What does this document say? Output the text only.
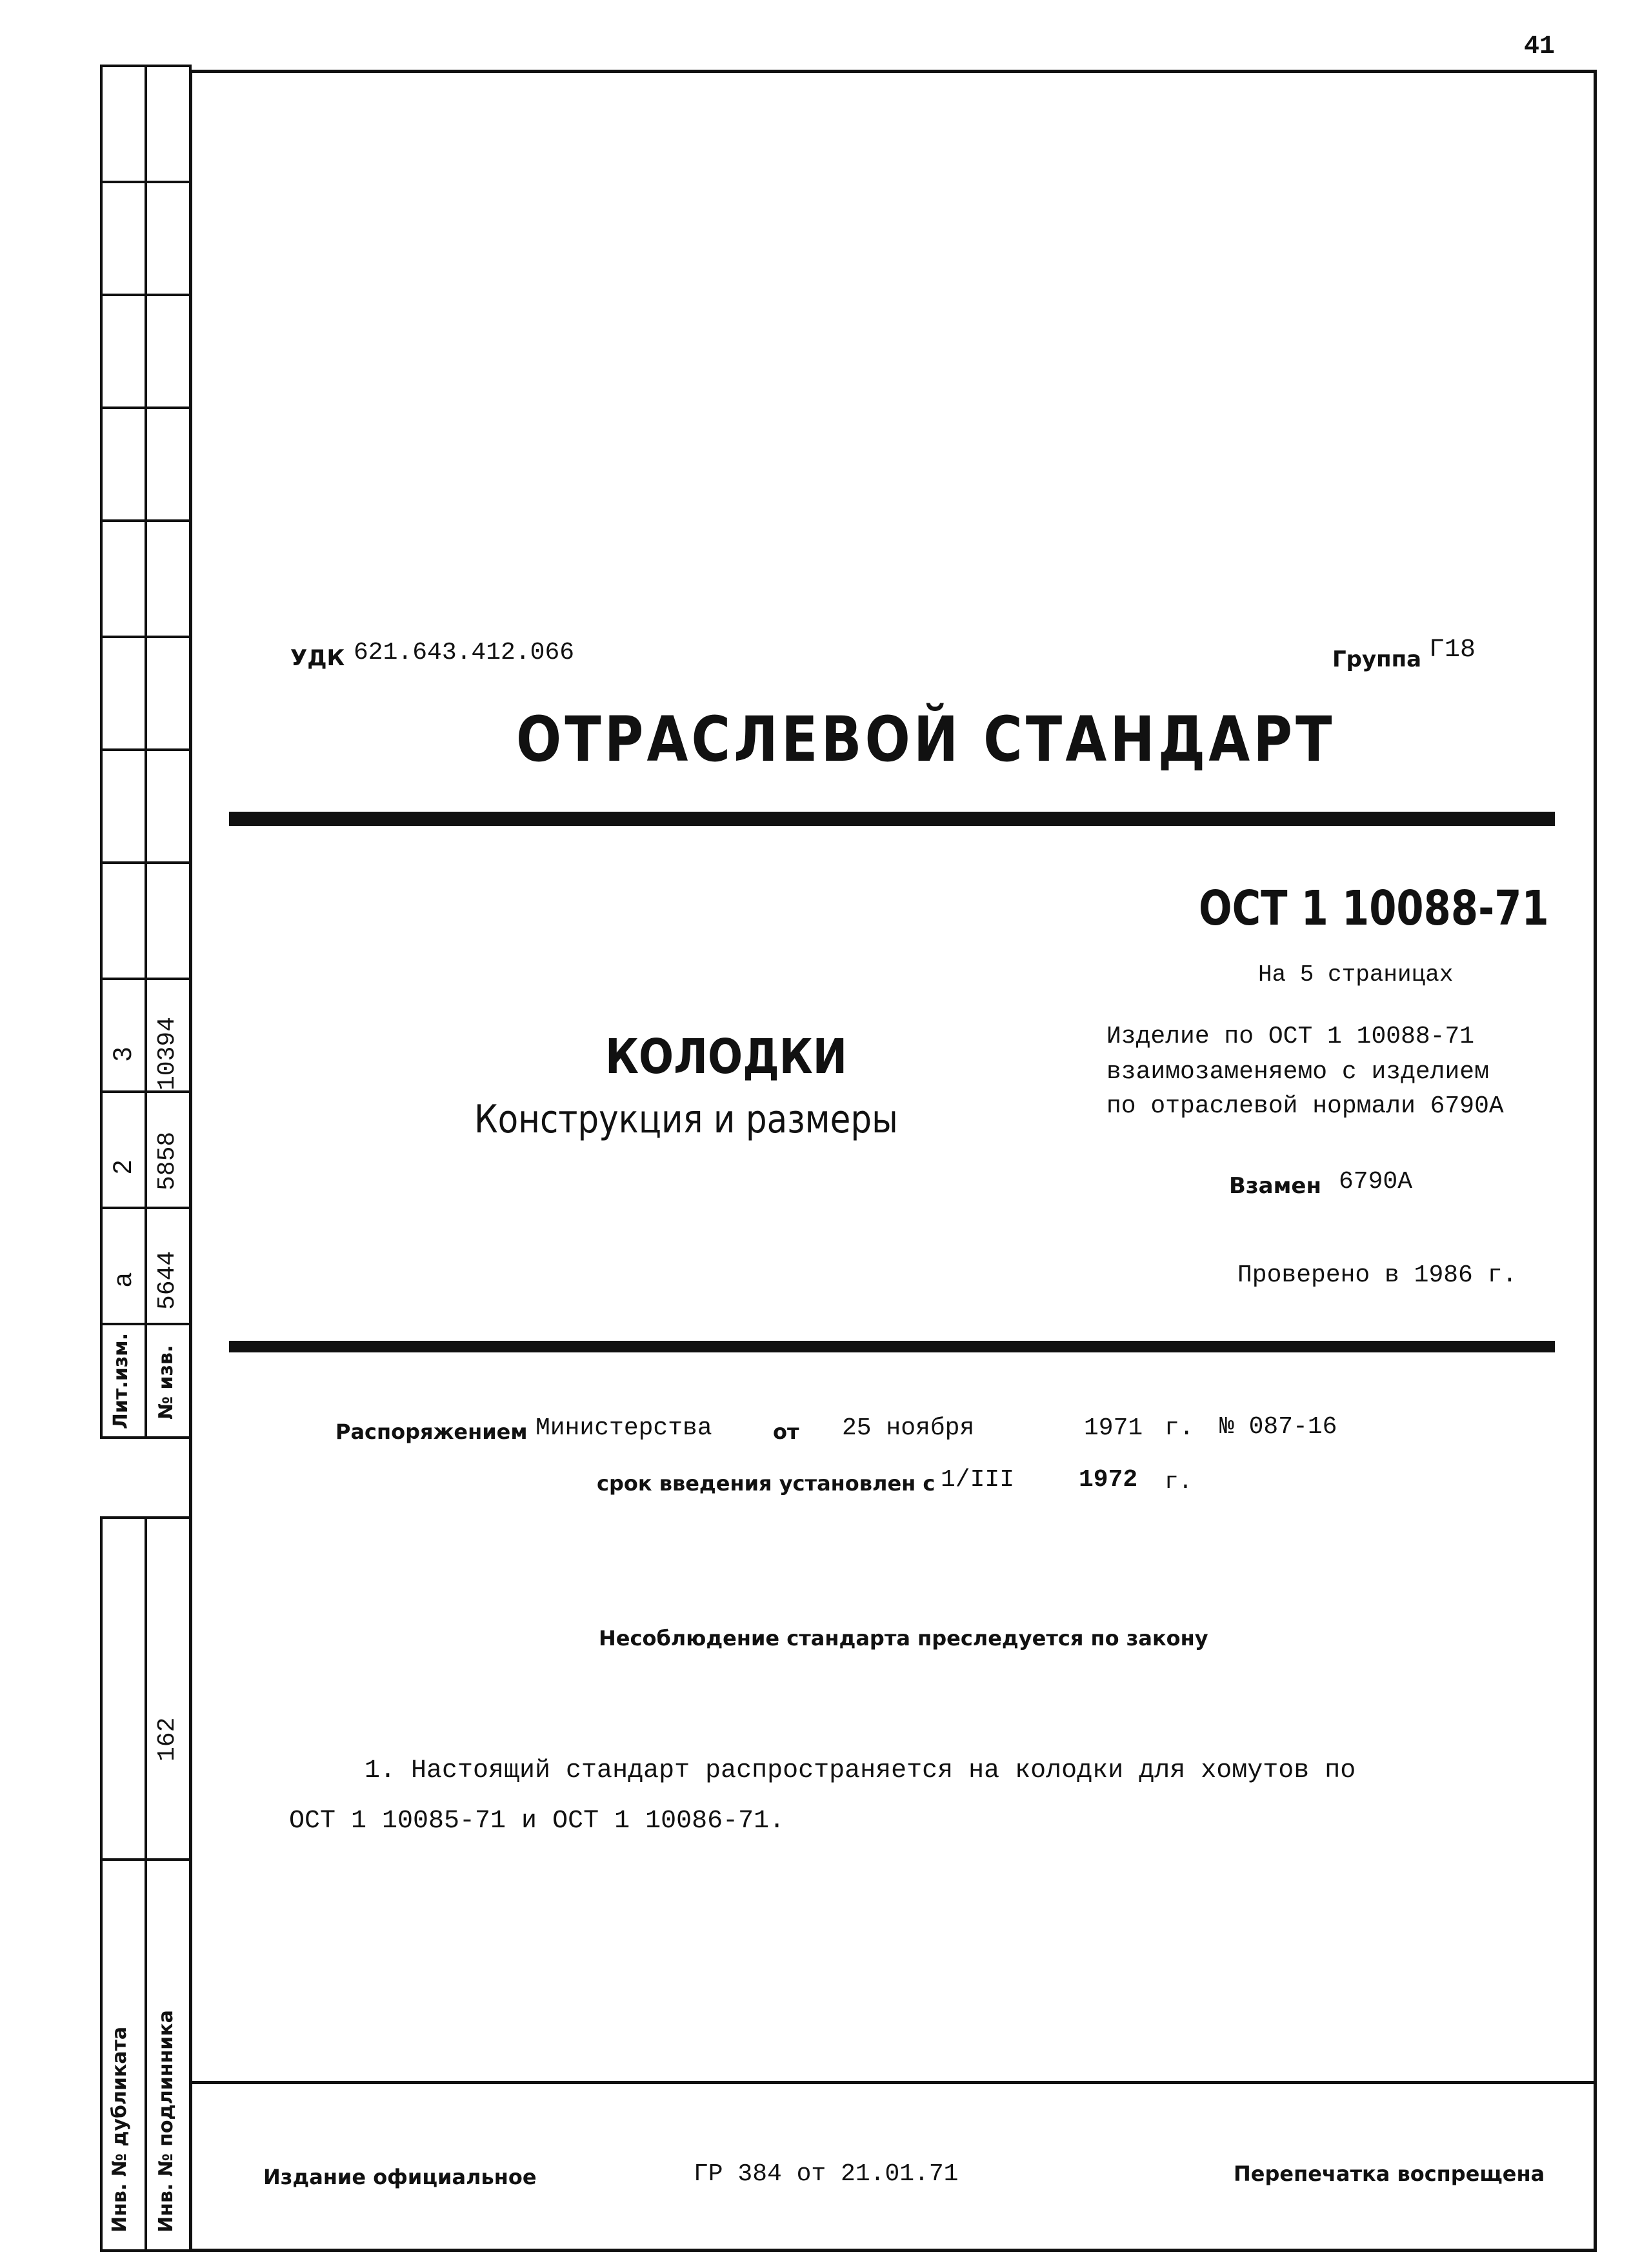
41
3 10394
2 5858
а 5644
Лит.изм. № изв.
162
Инв. № дубликата Инв. № подлинника
УДК 621.643.412.066	Группа Г18
ОТРАСЛЕВОЙ СТАНДАРТ
ОСТ 1 10088-71
На 5 страницах
КОЛОДКИ
Конструкция и размеры
Изделие по ОСТ 1 10088-71
взаимозаменяемо с изделием
по отраслевой нормали 6790А
Взамен 6790А
Проверено в 1986 г.
Распоряжением Министерства	от 25 ноября	1971 г. № 087-16
срок введения установлен с 1/III	1972 г.
Несоблюдение стандарта преследуется по закону
1. Настоящий стандарт распространяется на колодки для хомутов по
ОСТ 1 10085-71 и ОСТ 1 10086-71.
Издание официальное	ГР 384 от 21.01.71	Перепечатка воспрещена
